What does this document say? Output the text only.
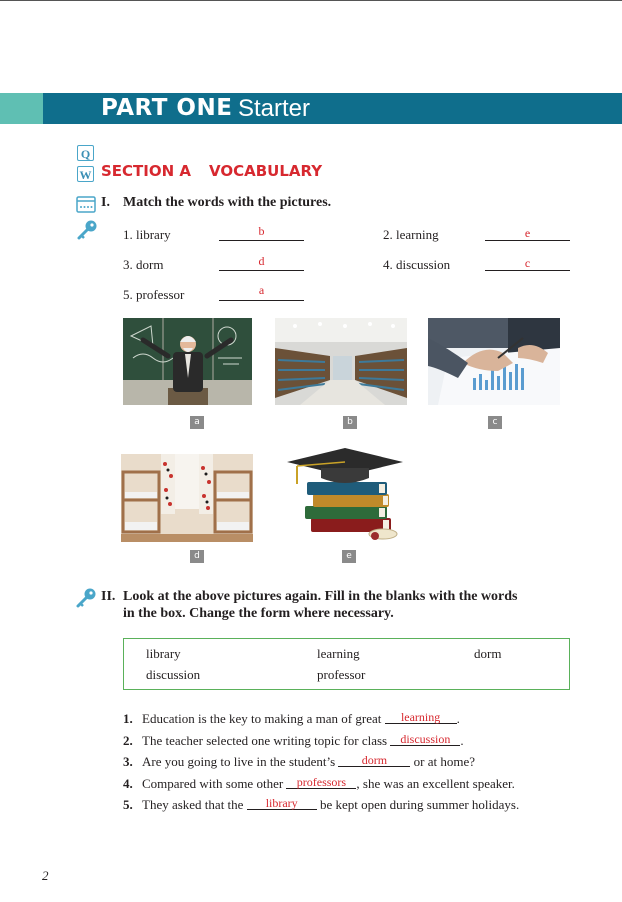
PART ONE Starter
Q
W SECTION A VOCABULARY
I. Match the words with the pictures.
1. library	b	2. learning	e
3. dorm	d	4. discussion	c
5. professor	a
a	b	c
d	e
II. Look at the above pictures again. Fill in the blanks with the words
in the box. Change the form where necessary.
library	learning	dorm
discussion	professor
1. Education is the key to making a man of great learning .
2. The teacher selected one writing topic for class discussion .
3. Are you going to live in the student’s dorm or at home?
4. Compared with some other professors , she was an excellent speaker.
5. They asked that the library be kept open during summer holidays.
2
